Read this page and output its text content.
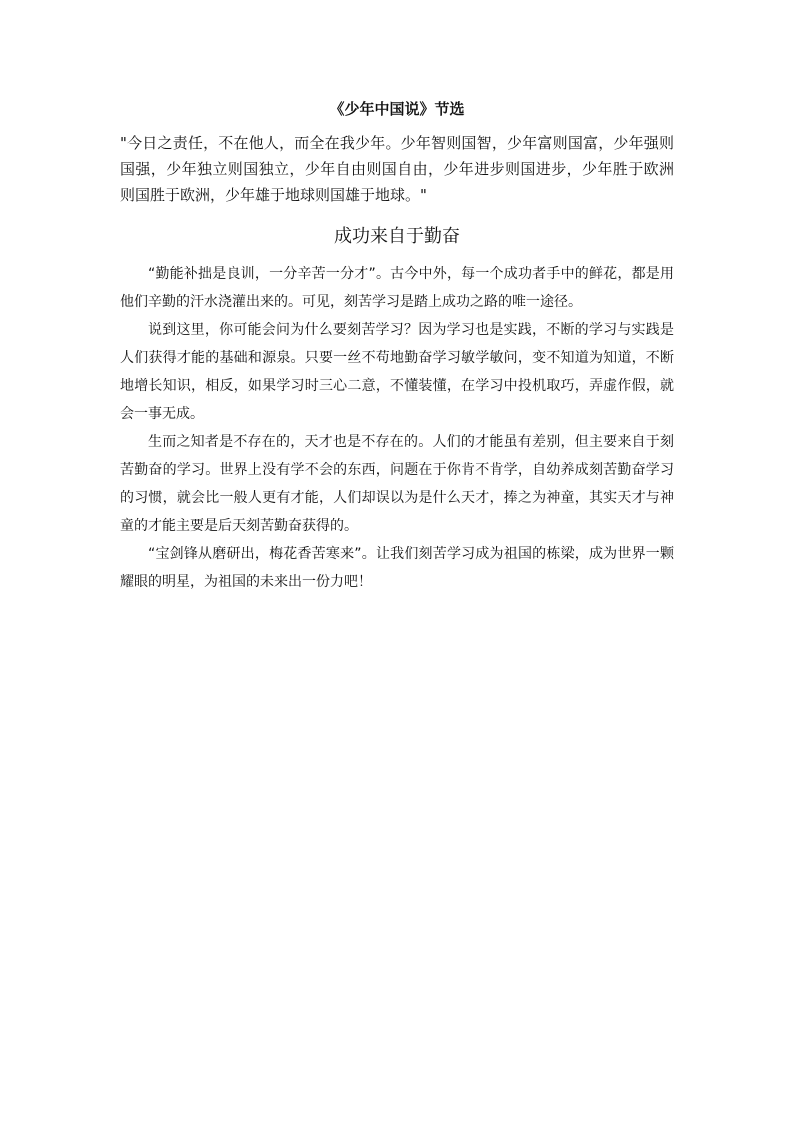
《少年中国说》节选
"今日之责任，不在他人，而全在我少年。少年智则国智，少年富则国富，少年强则国强，少年独立则国独立，少年自由则国自由，少年进步则国进步，少年胜于欧洲则国胜于欧洲，少年雄于地球则国雄于地球。"
成功来自于勤奋

“勤能补拙是良训，一分辛苦一分才”。古今中外，每一个成功者手中的鲜花，都是用他们辛勤的汗水浇灌出来的。可见，刻苦学习是踏上成功之路的唯一途径。

说到这里，你可能会问为什么要刻苦学习？因为学习也是实践，不断的学习与实践是人们获得才能的基础和源泉。只要一丝不苟地勤奋学习敏学敏问，变不知道为知道，不断地增长知识，相反，如果学习时三心二意，不懂装懂，在学习中投机取巧，弄虚作假，就会一事无成。

生而之知者是不存在的，天才也是不存在的。人们的才能虽有差别，但主要来自于刻苦勤奋的学习。世界上没有学不会的东西，问题在于你肯不肯学，自幼养成刻苦勤奋学习的习惯，就会比一般人更有才能，人们却误以为是什么天才，捧之为神童，其实天才与神童的才能主要是后天刻苦勤奋获得的。

“宝剑锋从磨研出，梅花香苦寒来”。让我们刻苦学习成为祖国的栋梁，成为世界一颗耀眼的明星，为祖国的未来出一份力吧！
